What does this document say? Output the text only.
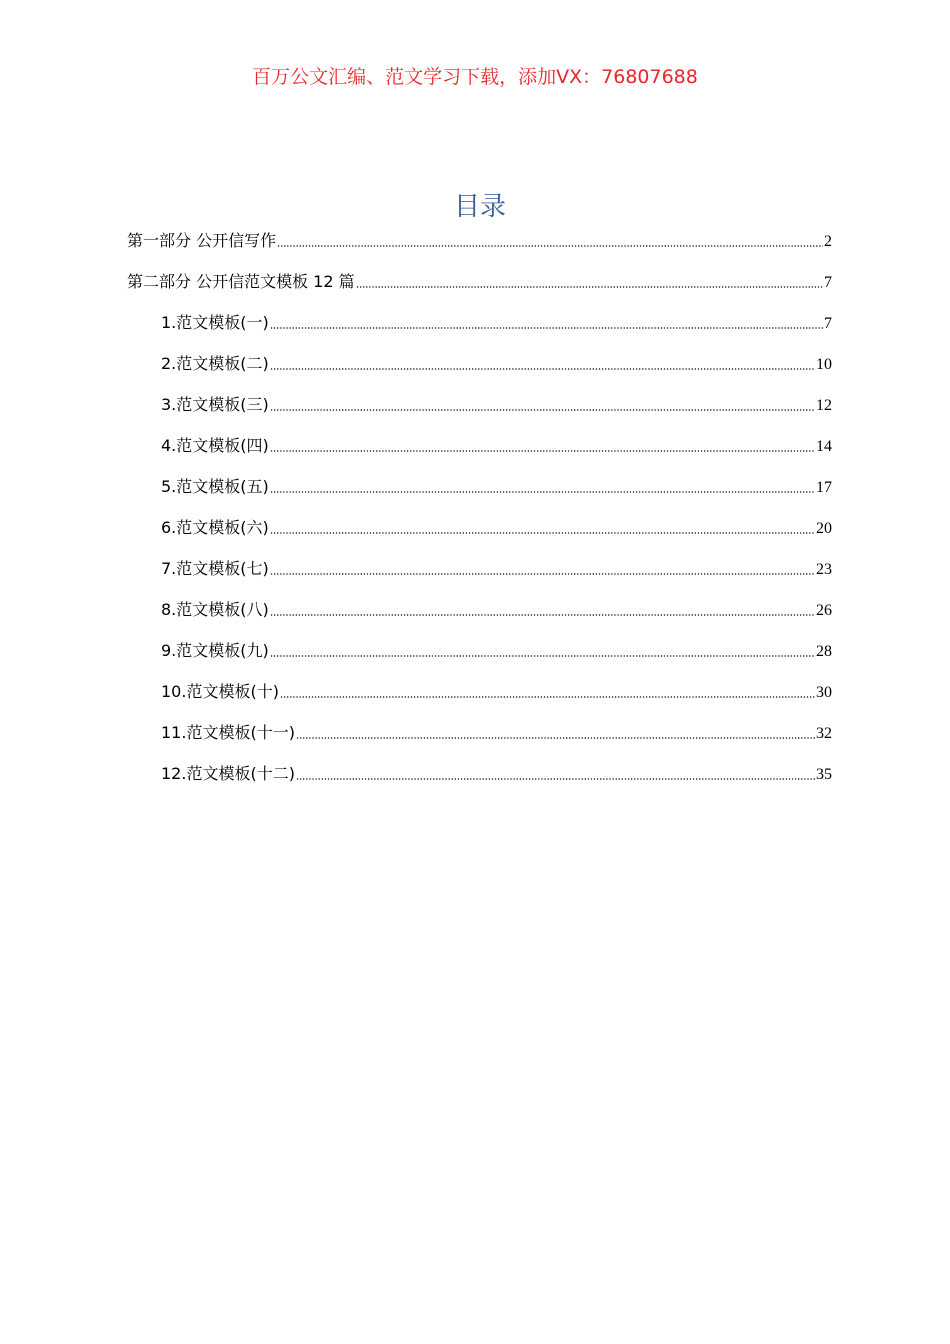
百万公文汇编、范文学习下载，添加VX：76807688
目录
第一部分 公开信写作	2
第二部分 公开信范文模板 12 篇	7
1.范文模板(一)	7
2.范文模板(二)	10
3.范文模板(三)	12
4.范文模板(四)	14
5.范文模板(五)	17
6.范文模板(六)	20
7.范文模板(七)	23
8.范文模板(八)	26
9.范文模板(九)	28
10.范文模板(十)	30
11.范文模板(十一)	32
12.范文模板(十二)	35
